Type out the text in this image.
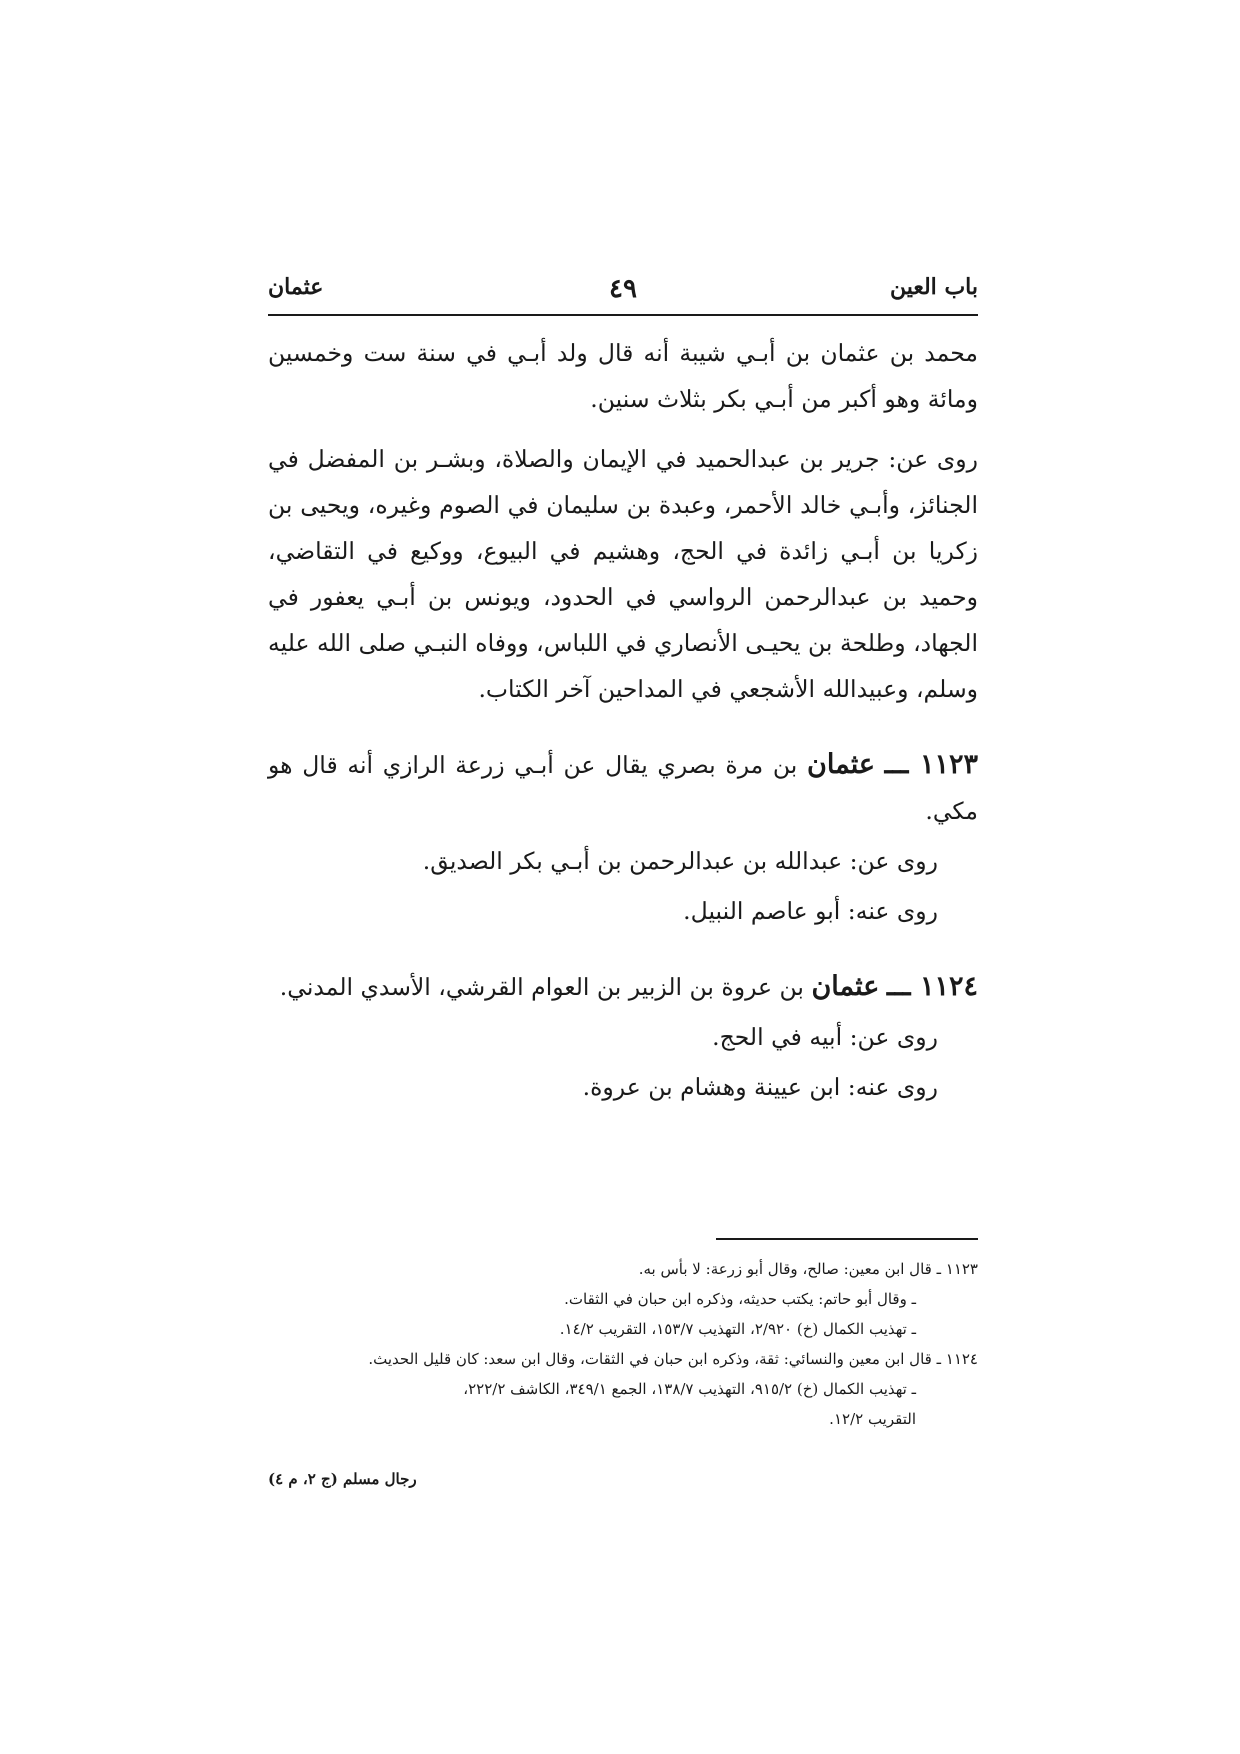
باب العين
٤٩
عثمان

محمد بن عثمان بن أبـي شيبة أنه قال ولد أبـي في سنة ست وخمسين ومائة وهو أكبر من أبـي بكر بثلاث سنين.

روى عن: جرير بن عبدالحميد في الإيمان والصلاة، وبشـر بن المفضل في الجنائز، وأبـي خالد الأحمر، وعبدة بن سليمان في الصوم وغيره، ويحيى بن زكريا بن أبـي زائدة في الحج، وهشيم في البيوع، ووكيع في التقاضي، وحميد بن عبدالرحمن الرواسي في الحدود، ويونس بن أبـي يعفور في الجهاد، وطلحة بن يحيـى الأنصاري في اللباس، ووفاه النبـي صلى الله عليه وسلم، وعبيدالله الأشجعي في المداحين آخر الكتاب.

١١٢٣ ـــ عثمان بن مرة بصري يقال عن أبـي زرعة الرازي أنه قال هو مكي.

روى عن: عبدالله بن عبدالرحمن بن أبـي بكر الصديق.

روى عنه: أبو عاصم النبيل.

١١٢٤ ـــ عثمان بن عروة بن الزبير بن العوام القرشي، الأسدي المدني.

روى عن: أبيه في الحج.

روى عنه: ابن عيينة وهشام بن عروة.

١١٢٣ ـ قال ابن معين: صالح، وقال أبو زرعة: لا بأس به.

ـ وقال أبو حاتم: يكتب حديثه، وذكره ابن حبان في الثقات.

ـ تهذيب الكمال (خ) ٢/٩٢٠، التهذيب ١٥٣/٧، التقريب ١٤/٢.

١١٢٤ ـ قال ابن معين والنسائي: ثقة، وذكره ابن حبان في الثقات، وقال ابن سعد: كان قليل الحديث.

ـ تهذيب الكمال (خ) ٩١٥/٢، التهذيب ١٣٨/٧، الجمع ٣٤٩/١، الكاشف ٢٢٢/٢،

التقريب ١٢/٢.

رجال مسلم (ج ٢، م ٤)
